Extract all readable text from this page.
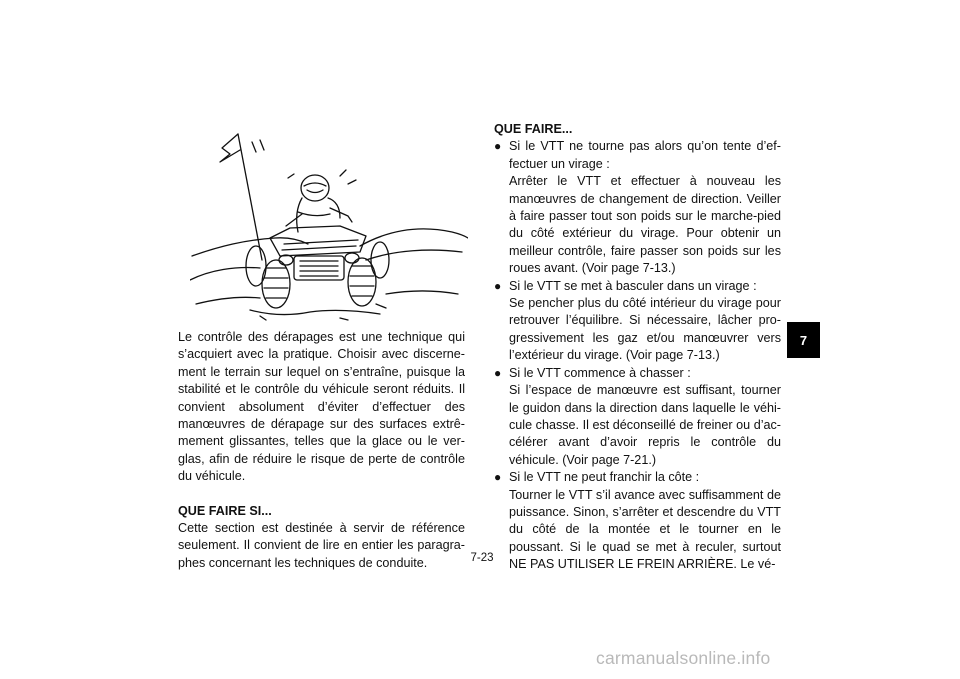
Le contrôle des dérapages est une technique qui s’acquiert avec la pratique. Choisir avec discernement le terrain sur lequel on s’entraîne, puisque la stabilité et le contrôle du véhicule seront réduits. Il convient absolument d’éviter d’effectuer des manœuvres de dérapage sur des surfaces extrêmement glissantes, telles que la glace ou le verglas, afin de réduire le risque de perte de contrôle du véhicule.

QUE FAIRE SI...

Cette section est destinée à servir de référence seulement. Il convient de lire en entier les paragraphes concernant les techniques de conduite.

QUE FAIRE...

● Si le VTT ne tourne pas alors qu’on tente d’effectuer un virage :

Arrêter le VTT et effectuer à nouveau les manœuvres de changement de direction. Veiller à faire passer tout son poids sur le marche-pied du côté extérieur du virage. Pour obtenir un meilleur contrôle, faire passer son poids sur les roues avant. (Voir page 7-13.)

● Si le VTT se met à basculer dans un virage :

Se pencher plus du côté intérieur du virage pour retrouver l’équilibre. Si nécessaire, lâcher progressivement les gaz et/ou manœuvrer vers l’extérieur du virage. (Voir page 7-13.)

● Si le VTT commence à chasser :

Si l’espace de manœuvre est suffisant, tourner le guidon dans la direction dans laquelle le véhicule chasse. Il est déconseillé de freiner ou d’accélérer avant d’avoir repris le contrôle du véhicule. (Voir page 7-21.)

● Si le VTT ne peut franchir la côte :

Tourner le VTT s’il avance avec suffisamment de puissance. Sinon, s’arrêter et descendre du VTT du côté de la montée et le tourner en le poussant. Si le quad se met à reculer, surtout NE PAS UTILISER LE FREIN ARRIÈRE. Le vé-

7
7-23
carmanualsonline.info
